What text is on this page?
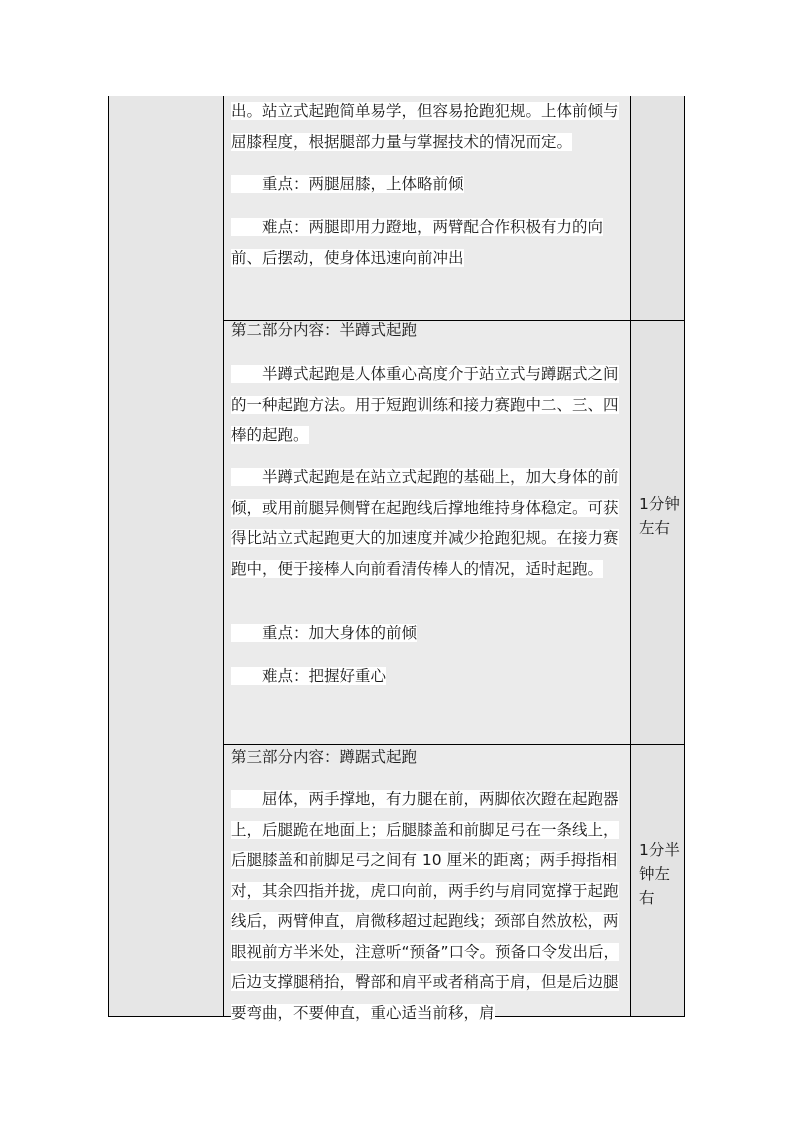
出。站立式起跑简单易学，但容易抢跑犯规。上体前倾与屈膝程度，根据腿部力量与掌握技术的情况而定。

　　重点：两腿屈膝，上体略前倾

　　难点：两腿即用力蹬地，两臂配合作积极有力的向前、后摆动，使身体迅速向前冲出

第二部分内容：半蹲式起跑

　　半蹲式起跑是人体重心高度介于站立式与蹲踞式之间的一种起跑方法。用于短跑训练和接力赛跑中二、三、四棒的起跑。

　　半蹲式起跑是在站立式起跑的基础上，加大身体的前倾，或用前腿异侧臂在起跑线后撑地维持身体稳定。可获得比站立式起跑更大的加速度并减少抢跑犯规。在接力赛跑中，便于接棒人向前看清传棒人的情况，适时起跑。

　　重点：加大身体的前倾

　　难点：把握好重心

1分钟左右

第三部分内容：蹲踞式起跑

　　屈体，两手撑地，有力腿在前，两脚依次蹬在起跑器上，后腿跪在地面上；后腿膝盖和前脚足弓在一条线上，后腿膝盖和前脚足弓之间有 10 厘米的距离；两手拇指相对，其余四指并拢，虎口向前，两手约与肩同宽撑于起跑线后，两臂伸直，肩微移超过起跑线；颈部自然放松，两眼视前方半米处，注意听“预备”口令。预备口令发出后，后边支撑腿稍抬，臀部和肩平或者稍高于肩，但是后边腿要弯曲，不要伸直，重心适当前移，肩

1分半钟左右
